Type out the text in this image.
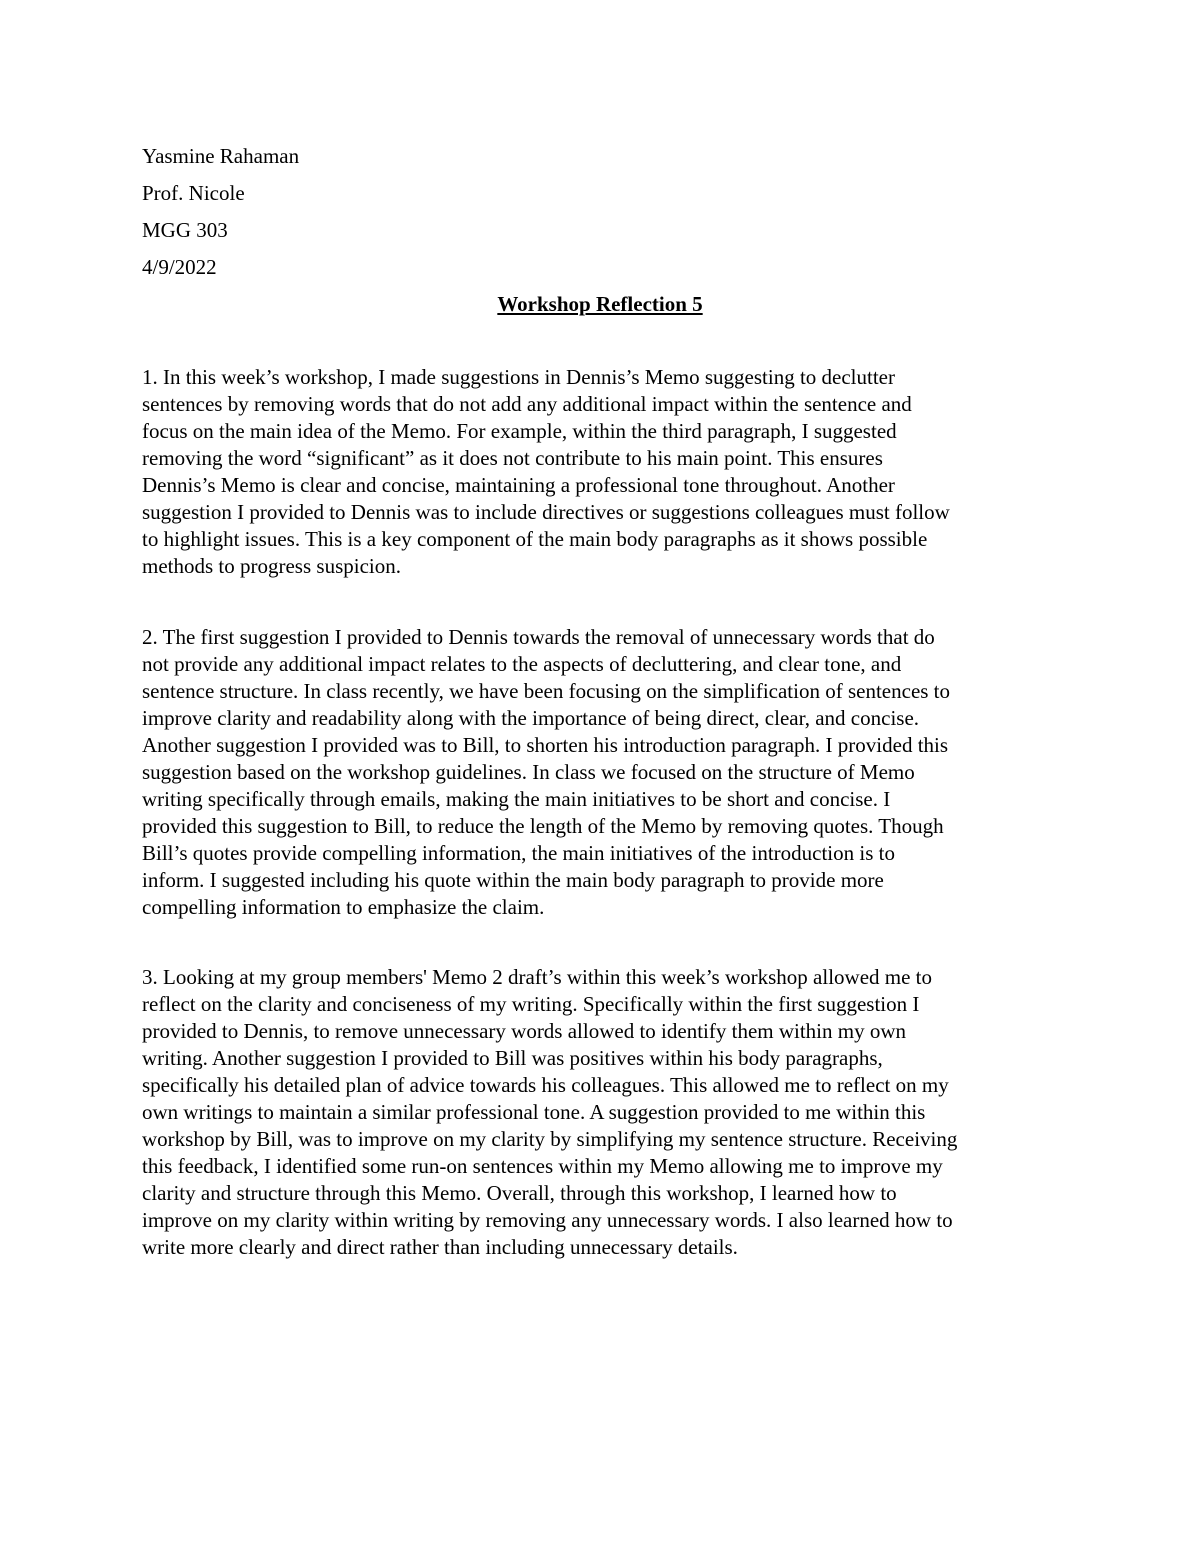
Yasmine Rahaman

Prof. Nicole

MGG 303

4/9/2022

Workshop Reflection 5

1. In this week’s workshop, I made suggestions in Dennis’s Memo suggesting to declutter
sentences by removing words that do not add any additional impact within the sentence and
focus on the main idea of the Memo. For example, within the third paragraph, I suggested
removing the word “significant” as it does not contribute to his main point. This ensures
Dennis’s Memo is clear and concise, maintaining a professional tone throughout. Another
suggestion I provided to Dennis was to include directives or suggestions colleagues must follow
to highlight issues. This is a key component of the main body paragraphs as it shows possible
methods to progress suspicion.

2. The first suggestion I provided to Dennis towards the removal of unnecessary words that do
not provide any additional impact relates to the aspects of decluttering, and clear tone, and
sentence structure. In class recently, we have been focusing on the simplification of sentences to
improve clarity and readability along with the importance of being direct, clear, and concise.
Another suggestion I provided was to Bill, to shorten his introduction paragraph. I provided this
suggestion based on the workshop guidelines. In class we focused on the structure of Memo
writing specifically through emails, making the main initiatives to be short and concise. I
provided this suggestion to Bill, to reduce the length of the Memo by removing quotes. Though
Bill’s quotes provide compelling information, the main initiatives of the introduction is to
inform. I suggested including his quote within the main body paragraph to provide more
compelling information to emphasize the claim.

3. Looking at my group members' Memo 2 draft’s within this week’s workshop allowed me to
reflect on the clarity and conciseness of my writing. Specifically within the first suggestion I
provided to Dennis, to remove unnecessary words allowed to identify them within my own
writing. Another suggestion I provided to Bill was positives within his body paragraphs,
specifically his detailed plan of advice towards his colleagues. This allowed me to reflect on my
own writings to maintain a similar professional tone. A suggestion provided to me within this
workshop by Bill, was to improve on my clarity by simplifying my sentence structure. Receiving
this feedback, I identified some run-on sentences within my Memo allowing me to improve my
clarity and structure through this Memo. Overall, through this workshop, I learned how to
improve on my clarity within writing by removing any unnecessary words. I also learned how to
write more clearly and direct rather than including unnecessary details.
